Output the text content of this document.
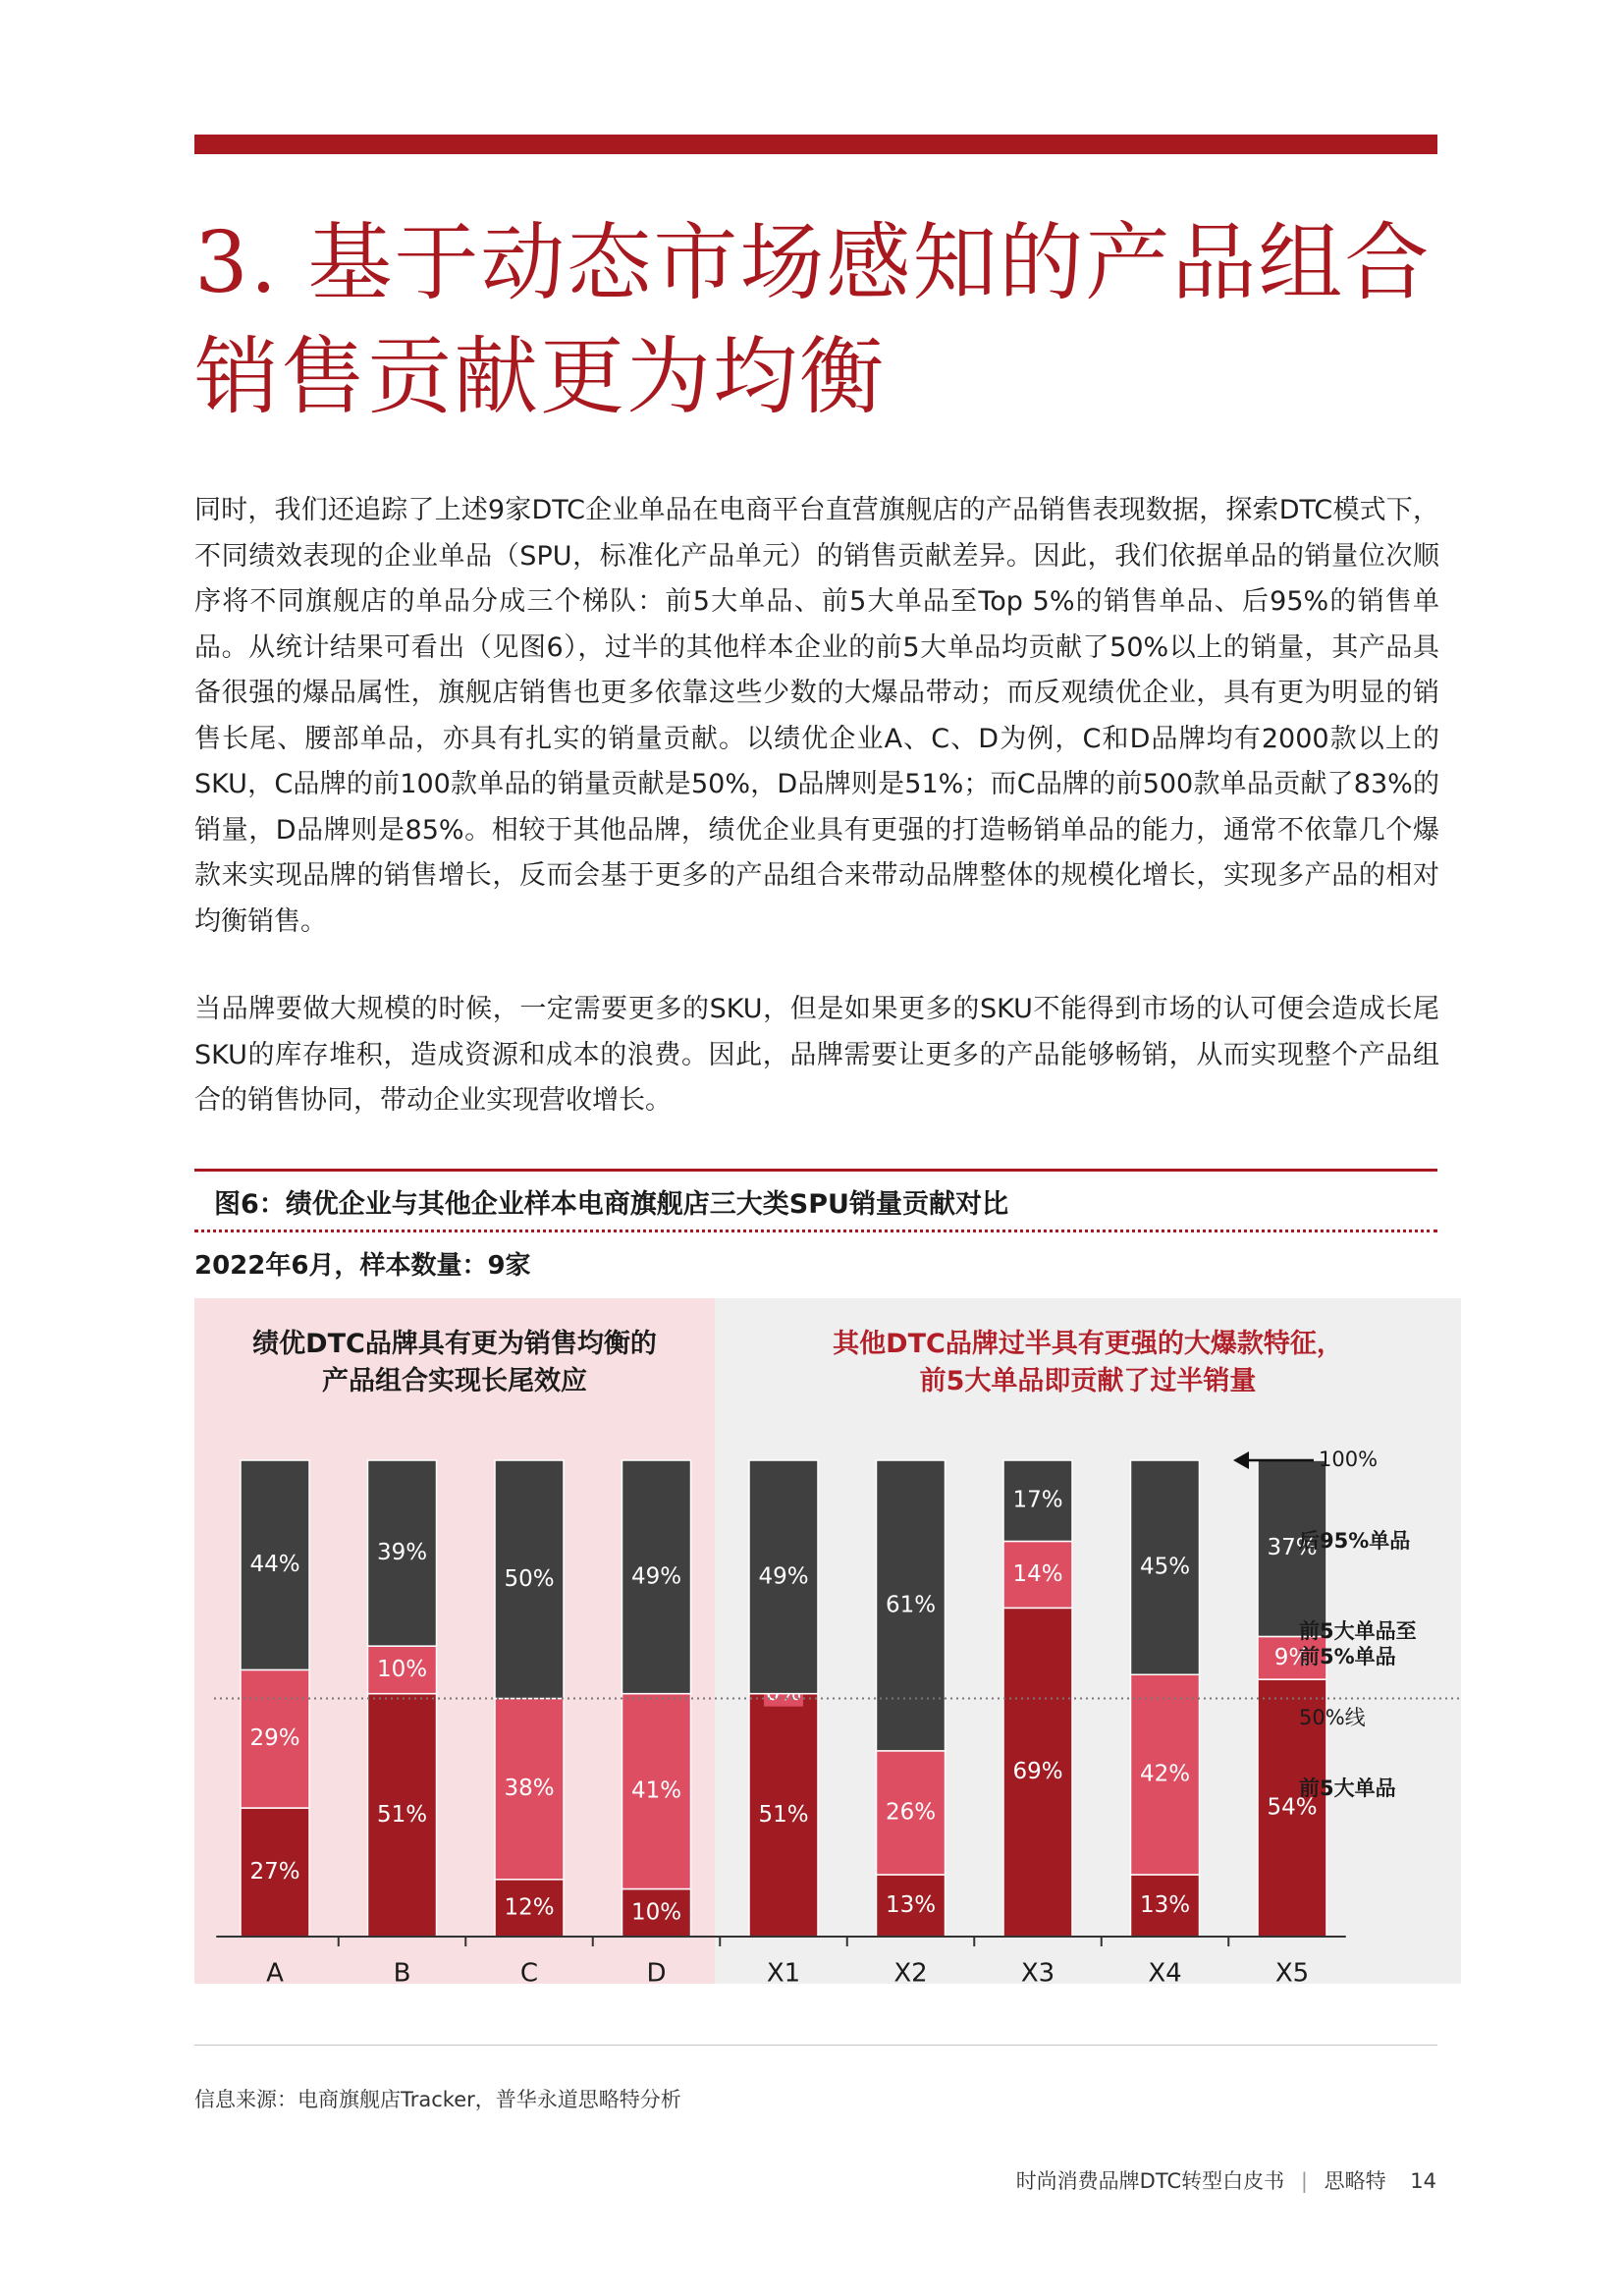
3. 基于动态市场感知的产品组合
销售贡献更为均衡

同时，我们还追踪了上述9家DTC企业单品在电商平台直营旗舰店的产品销售表现数据，探索DTC模式下，不同绩效表现的企业单品（SPU，标准化产品单元）的销售贡献差异。因此，我们依据单品的销量位次顺序将不同旗舰店的单品分成三个梯队：前5大单品、前5大单品至Top 5%的销售单品、后95%的销售单品。从统计结果可看出（见图6），过半的其他样本企业的前5大单品均贡献了50%以上的销量，其产品具备很强的爆品属性，旗舰店销售也更多依靠这些少数的大爆品带动；而反观绩优企业，具有更为明显的销售长尾、腰部单品，亦具有扎实的销量贡献。以绩优企业A、C、D为例，C和D品牌均有2000款以上的SKU，C品牌的前100款单品的销量贡献是50%，D品牌则是51%；而C品牌的前500款单品贡献了83%的销量，D品牌则是85%。相较于其他品牌，绩优企业具有更强的打造畅销单品的能力，通常不依靠几个爆款来实现品牌的销售增长，反而会基于更多的产品组合来带动品牌整体的规模化增长，实现多产品的相对均衡销售。

当品牌要做大规模的时候，一定需要更多的SKU，但是如果更多的SKU不能得到市场的认可便会造成长尾SKU的库存堆积，造成资源和成本的浪费。因此，品牌需要让更多的产品能够畅销，从而实现整个产品组合的销售协同，带动企业实现营收增长。

图6：绩优企业与其他企业样本电商旗舰店三大类SPU销量贡献对比
2022年6月，样本数量：9家
绩优DTC品牌具有更为销售均衡的
产品组合实现长尾效应
其他DTC品牌过半具有更强的大爆款特征，
前5大单品即贡献了过半销量
27%
29%
44%
A
51%
10%
39%
B
12%
38%
50%
C
10%
41%
49%
D
51%
49%
X1
13%
26%
61%
X2
69%
14%
17%
X3
13%
42%
45%
X4
54%
9%
37%
X5
100%
后95%单品
前5大单品至
前5%单品
50%线
前5大单品
信息来源：电商旗舰店Tracker，普华永道思略特分析
时尚消费品牌DTC转型白皮书 | 思略特 14
